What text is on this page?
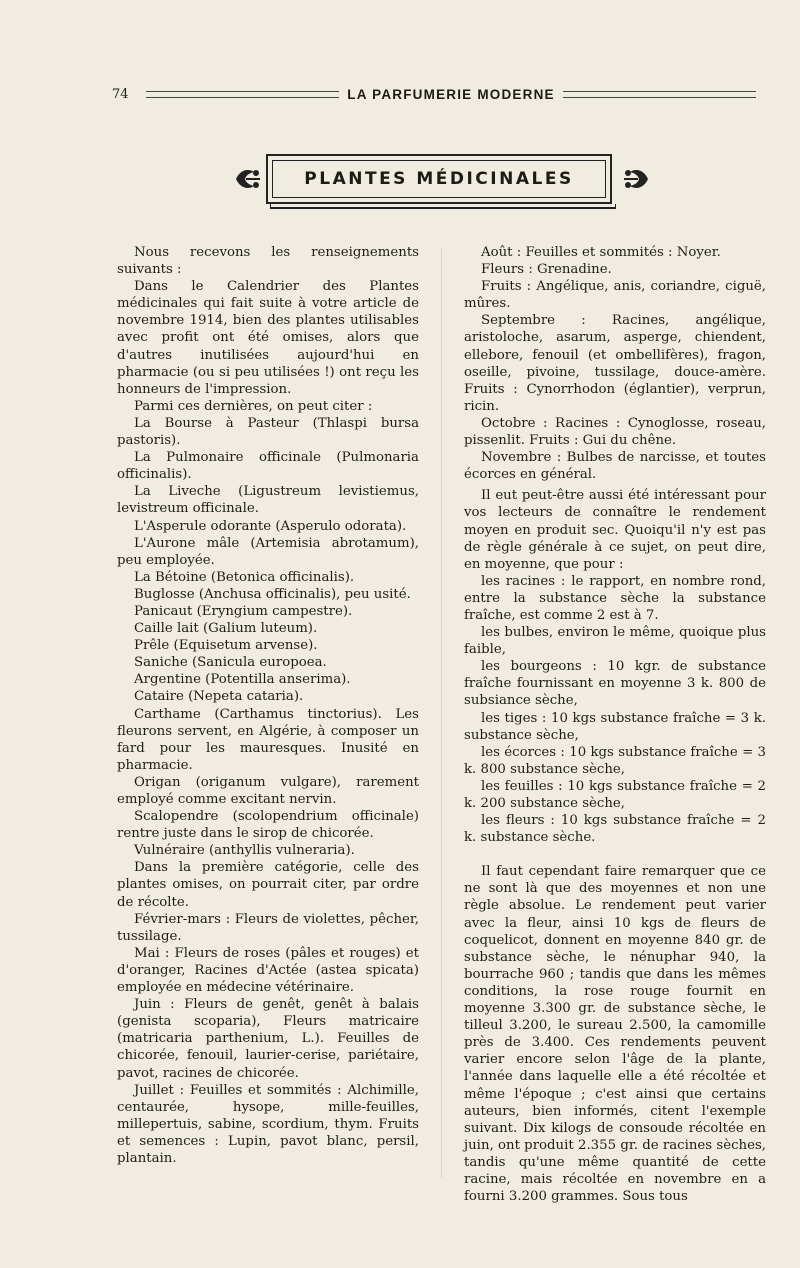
74	LA PARFUMERIE MODERNE
PLANTES MÉDICINALES

Nous recevons les renseignements suivants :

Dans le Calendrier des Plantes médicinales qui fait suite à votre article de novembre 1914, bien des plantes utilisables avec profit ont été omises, alors que d'autres inutilisées aujourd'hui en pharmacie (ou si peu utilisées !) ont reçu les honneurs de l'impression.

Parmi ces dernières, on peut citer :

La Bourse à Pasteur (Thlaspi bursa pastoris).

La Pulmonaire officinale (Pulmonaria officinalis).

La Liveche (Ligustreum levistiemus, levistreum officinale.

L'Asperule odorante (Asperulo odorata).

L'Aurone mâle (Artemisia abrotamum), peu employée.

La Bétoine (Betonica officinalis).

Buglosse (Anchusa officinalis), peu usité.

Panicaut (Eryngium campestre).

Caille lait (Galium luteum).

Prêle (Equisetum arvense).

Saniche (Sanicula europoea.

Argentine (Potentilla anserima).

Cataire (Nepeta cataria).

Carthame (Carthamus tinctorius). Les fleurons servent, en Algérie, à composer un fard pour les mauresques. Inusité en pharmacie.

Origan (origanum vulgare), rarement employé comme excitant nervin.

Scalopendre (scolopendrium officinale) rentre juste dans le sirop de chicorée.

Vulnéraire (anthyllis vulneraria).

Dans la première catégorie, celle des plantes omises, on pourrait citer, par ordre de récolte.

Février-mars : Fleurs de violettes, pêcher, tussilage.

Mai : Fleurs de roses (pâles et rouges) et d'oranger, Racines d'Actée (astea spicata) employée en médecine vétérinaire.

Juin : Fleurs de genêt, genêt à balais (genista scoparia), Fleurs matricaire (matricaria parthenium, L.). Feuilles de chicorée, fenouil, laurier-cerise, pariétaire, pavot, racines de chicorée.

Juillet : Feuilles et sommités : Alchimille, centaurée, hysope, mille-feuilles, millepertuis, sabine, scordium, thym. Fruits et semences : Lupin, pavot blanc, persil, plantain.

Août : Feuilles et sommités : Noyer.

Fleurs : Grenadine.

Fruits : Angélique, anis, coriandre, ciguë, mûres.

Septembre : Racines, angélique, aristoloche, asarum, asperge, chiendent, ellebore, fenouil (et ombellifères), fragon, oseille, pivoine, tussilage, douce-amère. Fruits : Cynorrhodon (églantier), verprun, ricin.

Octobre : Racines : Cynoglosse, roseau, pissenlit. Fruits : Gui du chêne.

Novembre : Bulbes de narcisse, et toutes écorces en général.

Il eut peut-être aussi été intéressant pour vos lecteurs de connaître le rendement moyen en produit sec. Quoiqu'il n'y est pas de règle générale à ce sujet, on peut dire, en moyenne, que pour :

les racines : le rapport, en nombre rond, entre la substance sèche la substance fraîche, est comme 2 est à 7.

les bulbes, environ le même, quoique plus faible,

les bourgeons : 10 kgr. de substance fraîche fournissant en moyenne 3 k. 800 de subsiance sèche,

les tiges : 10 kgs substance fraîche = 3 k. substance sèche,

les écorces : 10 kgs substance fraîche = 3 k. 800 substance sèche,

les feuilles : 10 kgs substance fraîche = 2 k. 200 substance sèche,

les fleurs : 10 kgs substance fraîche = 2 k. substance sèche.

Il faut cependant faire remarquer que ce ne sont là que des moyennes et non une règle absolue. Le rendement peut varier avec la fleur, ainsi 10 kgs de fleurs de coquelicot, donnent en moyenne 840 gr. de substance sèche, le nénuphar 940, la bourrache 960 ; tandis que dans les mêmes conditions, la rose rouge fournit en moyenne 3.300 gr. de substance sèche, le tilleul 3.200, le sureau 2.500, la camomille près de 3.400. Ces rendements peuvent varier encore selon l'âge de la plante, l'année dans laquelle elle a été récoltée et même l'époque ; c'est ainsi que certains auteurs, bien informés, citent l'exemple suivant. Dix kilogs de consoude récoltée en juin, ont produit 2.355 gr. de racines sèches, tandis qu'une même quantité de cette racine, mais récoltée en novembre en a fourni 3.200 grammes. Sous tous
